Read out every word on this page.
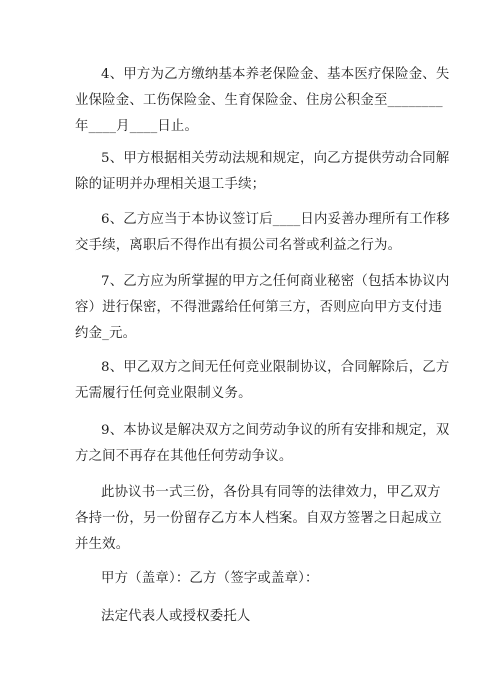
4、甲方为乙方缴纳基本养老保险金、基本医疗保险金、失
业保险金、工伤保险金、生育保险金、住房公积金至________
年____月____日止。

5、甲方根据相关劳动法规和规定，向乙方提供劳动合同解
除的证明并办理相关退工手续；

6、乙方应当于本协议签订后____日内妥善办理所有工作移
交手续，离职后不得作出有损公司名誉或利益之行为。

7、乙方应为所掌握的甲方之任何商业秘密（包括本协议内
容）进行保密，不得泄露给任何第三方，否则应向甲方支付违
约金_元。

8、甲乙双方之间无任何竞业限制协议，合同解除后，乙方
无需履行任何竞业限制义务。

9、本协议是解决双方之间劳动争议的所有安排和规定，双
方之间不再存在其他任何劳动争议。

此协议书一式三份，各份具有同等的法律效力，甲乙双方
各持一份，另一份留存乙方本人档案。自双方签署之日起成立
并生效。

甲方（盖章）：乙方（签字或盖章）：

法定代表人或授权委托人
